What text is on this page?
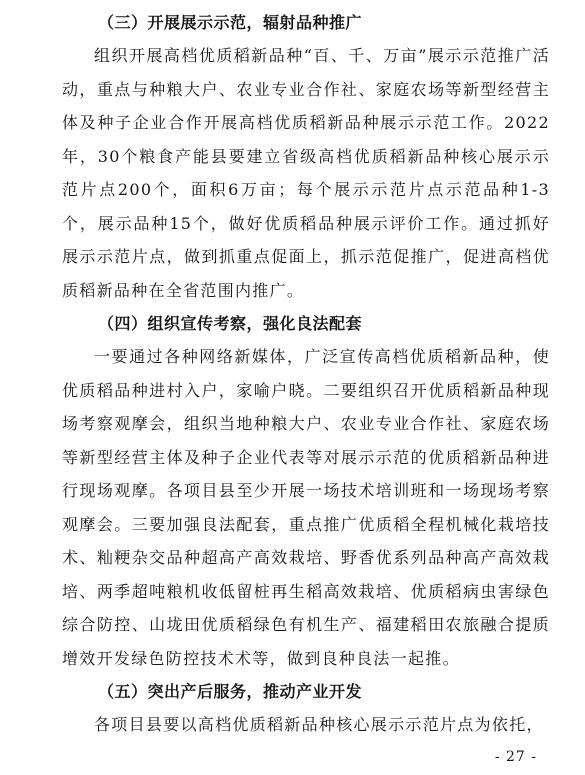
（三）开展展示示范，辐射品种推广

组织开展高档优质稻新品种“百、千、万亩”展示示范推广活动，重点与种粮大户、农业专业合作社、家庭农场等新型经营主体及种子企业合作开展高档优质稻新品种展示示范工作。2022年，30个粮食产能县要建立省级高档优质稻新品种核心展示示范片点200个，面积6万亩；每个展示示范片点示范品种1-3个，展示品种15个，做好优质稻品种展示评价工作。通过抓好展示示范片点，做到抓重点促面上，抓示范促推广，促进高档优质稻新品种在全省范围内推广。

（四）组织宣传考察，强化良法配套

一要通过各种网络新媒体，广泛宣传高档优质稻新品种，使优质稻品种进村入户，家喻户晓。二要组织召开优质稻新品种现场考察观摩会，组织当地种粮大户、农业专业合作社、家庭农场等新型经营主体及种子企业代表等对展示示范的优质稻新品种进行现场观摩。各项目县至少开展一场技术培训班和一场现场考察观摩会。三要加强良法配套，重点推广优质稻全程机械化栽培技术、籼粳杂交品种超高产高效栽培、野香优系列品种高产高效栽培、两季超吨粮机收低留桩再生稻高效栽培、优质稻病虫害绿色综合防控、山垅田优质稻绿色有机生产、福建稻田农旅融合提质增效开发绿色防控技术术等，做到良种良法一起推。

（五）突出产后服务，推动产业开发

各项目县要以高档优质稻新品种核心展示示范片点为依托，

- 27 -
